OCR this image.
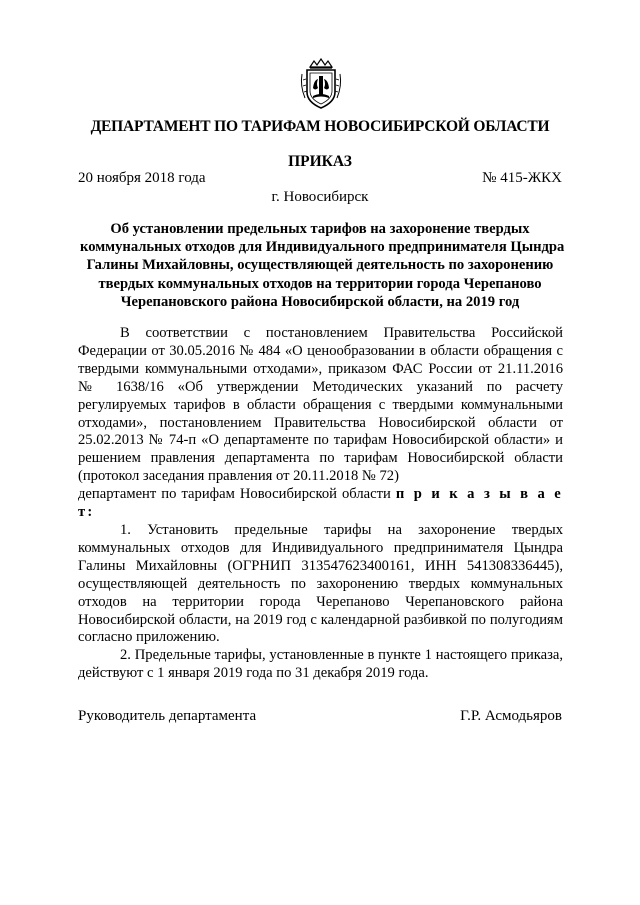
ДЕПАРТАМЕНТ ПО ТАРИФАМ НОВОСИБИРСКОЙ ОБЛАСТИ
ПРИКАЗ
20 ноября 2018 года	№ 415-ЖКХ
г. Новосибирск
Об установлении предельных тарифов на захоронение твердых
коммунальных отходов для Индивидуального предпринимателя Цындра
Галины Михайловны, осуществляющей деятельность по захоронению
твердых коммунальных отходов на территории города Черепаново
Черепановского района Новосибирской области, на 2019 год

В соответствии с постановлением Правительства Российской Федерации от 30.05.2016 № 484 «О ценообразовании в области обращения с твердыми коммунальными отходами», приказом ФАС России от 21.11.2016 № 1638/16 «Об утверждении Методических указаний по расчету регулируемых тарифов в области обращения с твердыми коммунальными отходами», постановлением Правительства Новосибирской области от 25.02.2013 № 74-п «О департаменте по тарифам Новосибирской области» и решением правления департамента по тарифам Новосибирской области (протокол заседания правления от 20.11.2018 № 72)

департамент по тарифам Новосибирской области п р и к а з ы в а е т:

1. Установить предельные тарифы на захоронение твердых коммунальных отходов для Индивидуального предпринимателя Цындра Галины Михайловны (ОГРНИП 313547623400161, ИНН 541308336445), осуществляющей деятельность по захоронению твердых коммунальных отходов на территории города Черепаново Черепановского района Новосибирской области, на 2019 год с календарной разбивкой по полугодиям согласно приложению.

2. Предельные тарифы, установленные в пункте 1 настоящего приказа, действуют с 1 января 2019 года по 31 декабря 2019 года.

Руководитель департамента	Г.Р. Асмодьяров
